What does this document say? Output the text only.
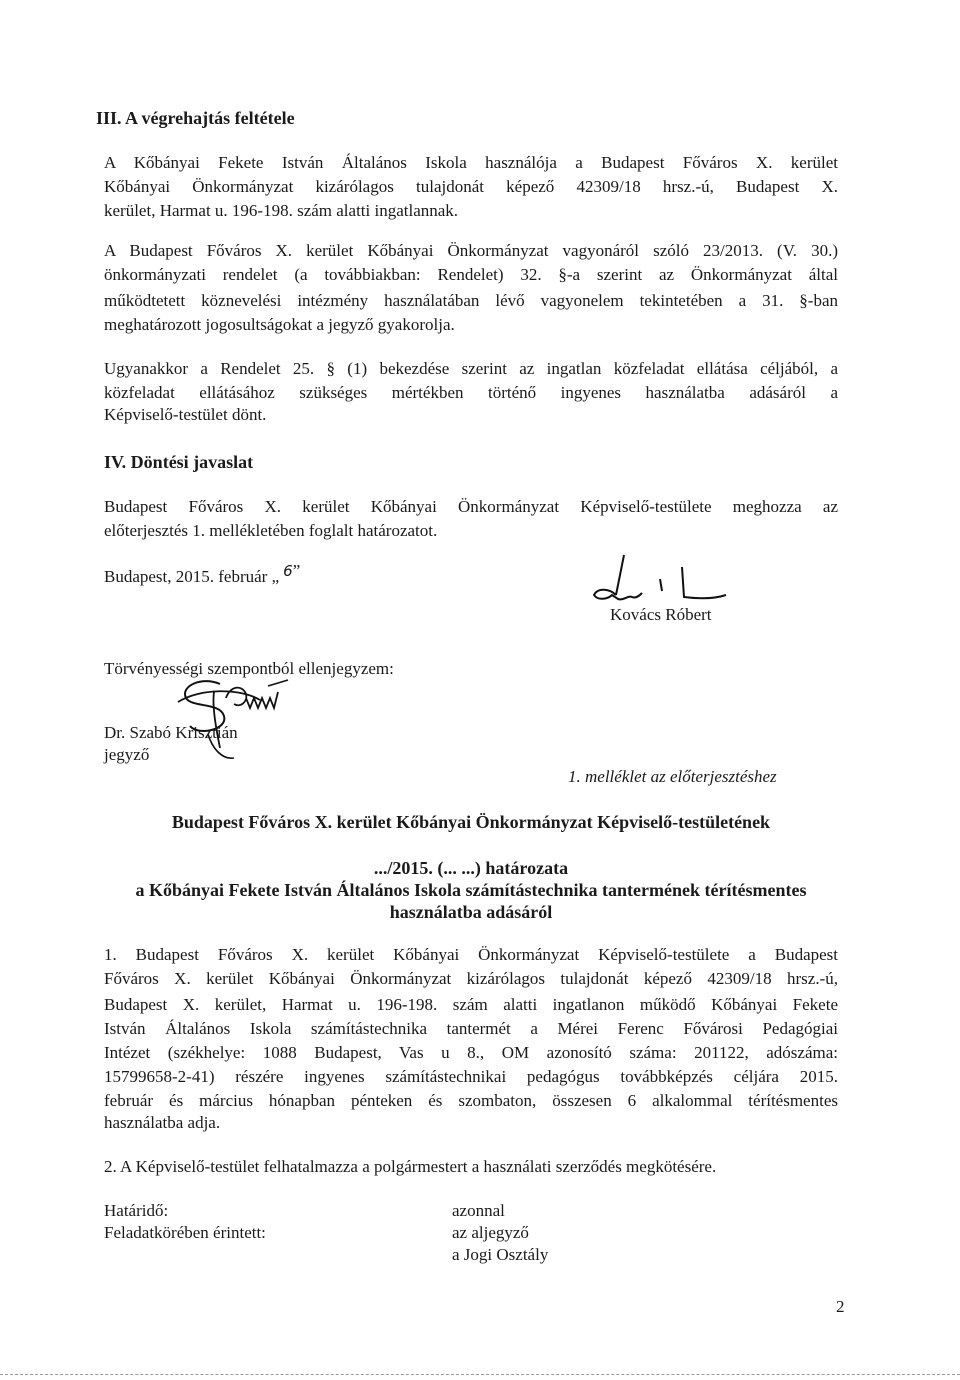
III. A végrehajtás feltétele
A Kőbányai Fekete István Általános Iskola használója a Budapest Főváros X. kerület
Kőbányai Önkormányzat kizárólagos tulajdonát képező 42309/18 hrsz.-ú, Budapest X.
kerület, Harmat u. 196-198. szám alatti ingatlannak.
A Budapest Főváros X. kerület Kőbányai Önkormányzat vagyonáról szóló 23/2013. (V. 30.)
önkormányzati rendelet (a továbbiakban: Rendelet) 32. §-a szerint az Önkormányzat által
működtetett köznevelési intézmény használatában lévő vagyonelem tekintetében a 31. §-ban
meghatározott jogosultságokat a jegyző gyakorolja.
Ugyanakkor a Rendelet 25. § (1) bekezdése szerint az ingatlan közfeladat ellátása céljából, a
közfeladat ellátásához szükséges mértékben történő ingyenes használatba adásáról a
Képviselő-testület dönt.
IV. Döntési javaslat
Budapest Főváros X. kerület Kőbányai Önkormányzat Képviselő-testülete meghozza az
előterjesztés 1. mellékletében foglalt határozatot.
Budapest, 2015. február „ 6”
Kovács Róbert
Törvényességi szempontból ellenjegyzem:
Dr. Szabó Krisztián
jegyző
1. melléklet az előterjesztéshez
Budapest Főváros X. kerület Kőbányai Önkormányzat Képviselő-testületének
.../2015. (... ...) határozata
a Kőbányai Fekete István Általános Iskola számítástechnika tantermének térítésmentes
használatba adásáról
1. Budapest Főváros X. kerület Kőbányai Önkormányzat Képviselő-testülete a Budapest
Főváros X. kerület Kőbányai Önkormányzat kizárólagos tulajdonát képező 42309/18 hrsz.-ú,
Budapest X. kerület, Harmat u. 196-198. szám alatti ingatlanon működő Kőbányai Fekete
István Általános Iskola számítástechnika tantermét a Mérei Ferenc Fővárosi Pedagógiai
Intézet (székhelye: 1088 Budapest, Vas u 8., OM azonosító száma: 201122, adószáma:
15799658-2-41) részére ingyenes számítástechnikai pedagógus továbbképzés céljára 2015.
február és március hónapban pénteken és szombaton, összesen 6 alkalommal térítésmentes
használatba adja.
2. A Képviselő-testület felhatalmazza a polgármestert a használati szerződés megkötésére.
Határidő:	azonnal
Feladatkörében érintett:	az aljegyző
a Jogi Osztály
2
